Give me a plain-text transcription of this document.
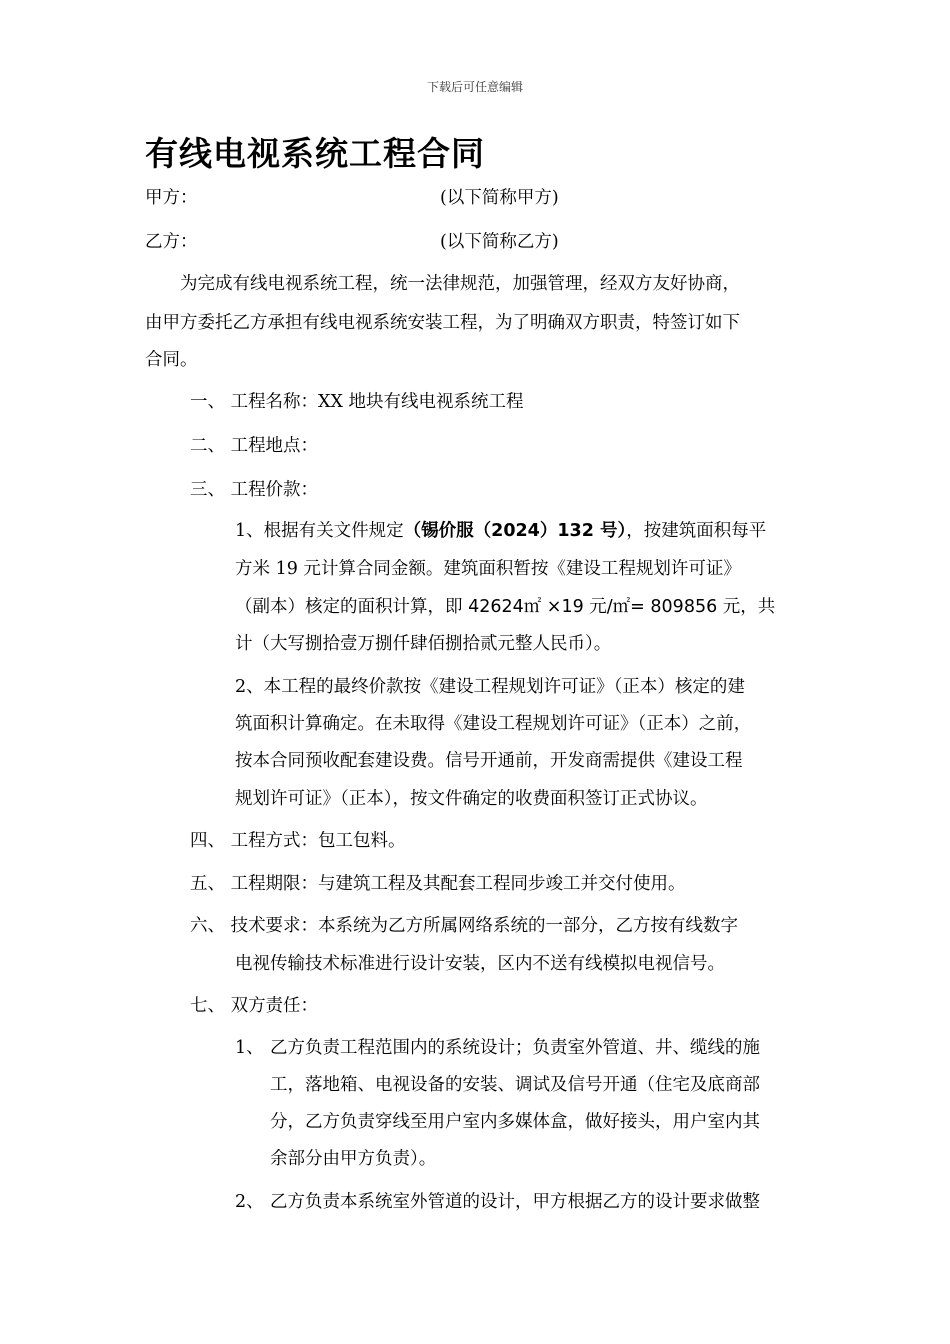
下载后可任意编辑
有线电视系统工程合同
甲方：	(以下简称甲方)
乙方：	(以下简称乙方)
为完成有线电视系统工程，统一法律规范，加强管理，经双方友好协商，
由甲方委托乙方承担有线电视系统安装工程，为了明确双方职责，特签订如下
合同。
一、 工程名称：XX 地块有线电视系统工程
二、 工程地点：
三、 工程价款：
1、根据有关文件规定（锡价服（2024）132 号），按建筑面积每平
方米 19 元计算合同金额。建筑面积暂按《建设工程规划许可证》
（副本）核定的面积计算，即 42624㎡ ×19 元/㎡= 809856 元，共
计（大写捌拾壹万捌仟肆佰捌拾贰元整人民币）。
2、本工程的最终价款按《建设工程规划许可证》（正本）核定的建
筑面积计算确定。在未取得《建设工程规划许可证》（正本）之前，
按本合同预收配套建设费。信号开通前，开发商需提供《建设工程
规划许可证》（正本），按文件确定的收费面积签订正式协议。
四、 工程方式：包工包料。
五、 工程期限：与建筑工程及其配套工程同步竣工并交付使用。
六、 技术要求：本系统为乙方所属网络系统的一部分，乙方按有线数字
电视传输技术标准进行设计安装，区内不送有线模拟电视信号。
七、 双方责任：
1、 乙方负责工程范围内的系统设计；负责室外管道、井、缆线的施
工，落地箱、电视设备的安装、调试及信号开通（住宅及底商部
分，乙方负责穿线至用户室内多媒体盒，做好接头，用户室内其
余部分由甲方负责）。
2、 乙方负责本系统室外管道的设计，甲方根据乙方的设计要求做整
